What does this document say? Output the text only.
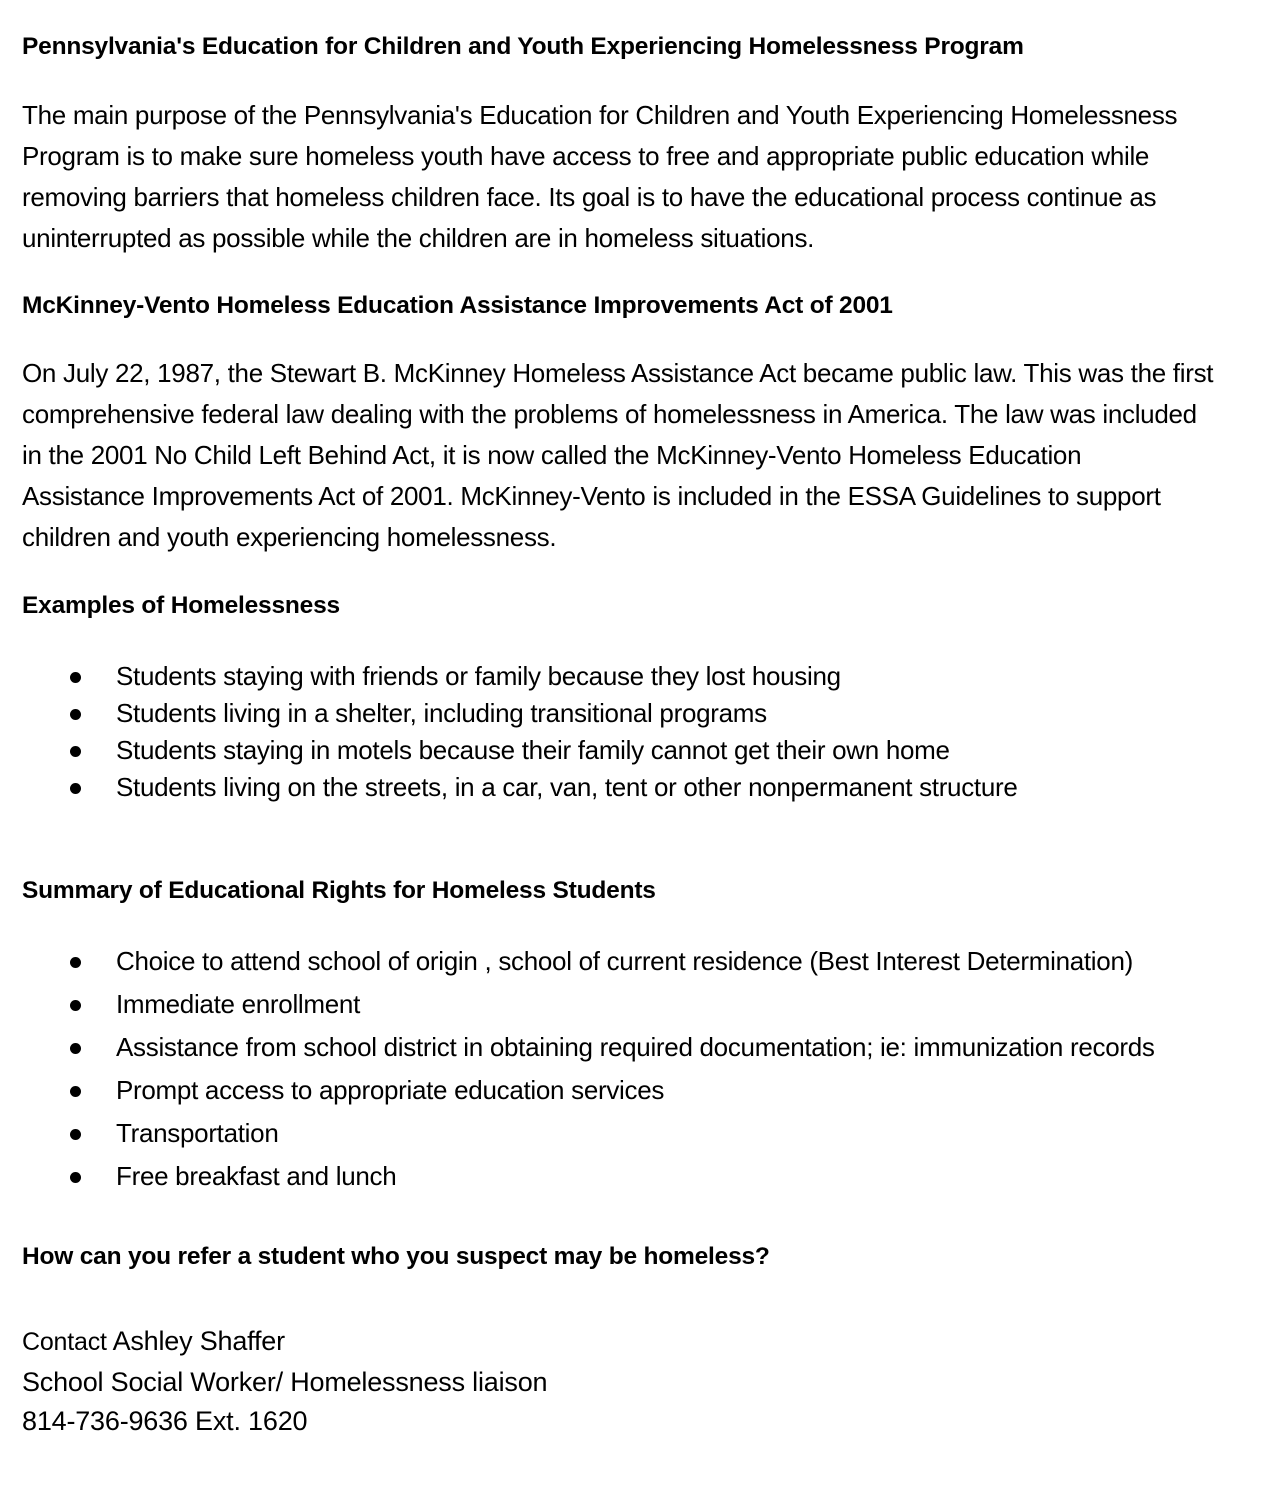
Pennsylvania's Education for Children and Youth Experiencing Homelessness Program
The main purpose of the Pennsylvania's Education for Children and Youth Experiencing Homelessness
Program is to make sure homeless youth have access to free and appropriate public education while
removing barriers that homeless children face. Its goal is to have the educational process continue as
uninterrupted as possible while the children are in homeless situations.
McKinney-Vento Homeless Education Assistance Improvements Act of 2001
On July 22, 1987, the Stewart B. McKinney Homeless Assistance Act became public law. This was the first
comprehensive federal law dealing with the problems of homelessness in America. The law was included
in the 2001 No Child Left Behind Act, it is now called the McKinney-Vento Homeless Education
Assistance Improvements Act of 2001. McKinney-Vento is included in the ESSA Guidelines to support
children and youth experiencing homelessness.
Examples of Homelessness
Students staying with friends or family because they lost housing
Students living in a shelter, including transitional programs
Students staying in motels because their family cannot get their own home
Students living on the streets, in a car, van, tent or other nonpermanent structure
Summary of Educational Rights for Homeless Students
Choice to attend school of origin , school of current residence (Best Interest Determination)
Immediate enrollment
Assistance from school district in obtaining required documentation; ie: immunization records
Prompt access to appropriate education services
Transportation
Free breakfast and lunch
How can you refer a student who you suspect may be homeless?
Contact Ashley Shaffer
School Social Worker/ Homelessness liaison
814-736-9636 Ext. 1620
